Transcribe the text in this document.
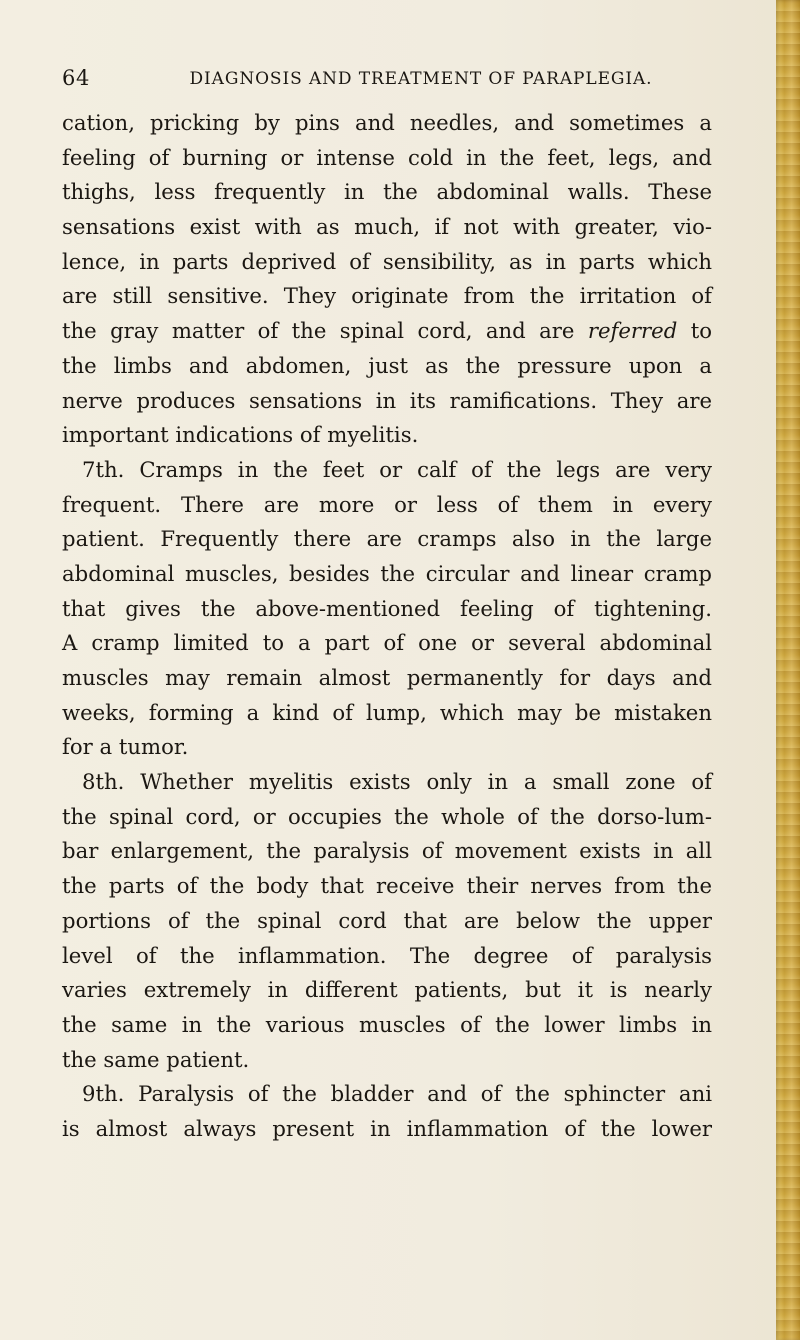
64	DIAGNOSIS AND TREATMENT OF PARAPLEGIA.
cation, pricking by pins and needles, and sometimes a
feeling of burning or intense cold in the feet, legs, and
thighs, less frequently in the abdominal walls. These
sensations exist with as much, if not with greater, vio-
lence, in parts deprived of sensibility, as in parts which
are still sensitive. They originate from the irritation of
the gray matter of the spinal cord, and are referred to
the limbs and abdomen, just as the pressure upon a
nerve produces sensations in its ramifications. They are
important indications of myelitis.
7th. Cramps in the feet or calf of the legs are very
frequent. There are more or less of them in every
patient. Frequently there are cramps also in the large
abdominal muscles, besides the circular and linear cramp
that gives the above-mentioned feeling of tightening.
A cramp limited to a part of one or several abdominal
muscles may remain almost permanently for days and
weeks, forming a kind of lump, which may be mistaken
for a tumor.
8th. Whether myelitis exists only in a small zone of
the spinal cord, or occupies the whole of the dorso-lum-
bar enlargement, the paralysis of movement exists in all
the parts of the body that receive their nerves from the
portions of the spinal cord that are below the upper
level of the inflammation. The degree of paralysis
varies extremely in different patients, but it is nearly
the same in the various muscles of the lower limbs in
the same patient.
9th. Paralysis of the bladder and of the sphincter ani
is almost always present in inflammation of the lower
